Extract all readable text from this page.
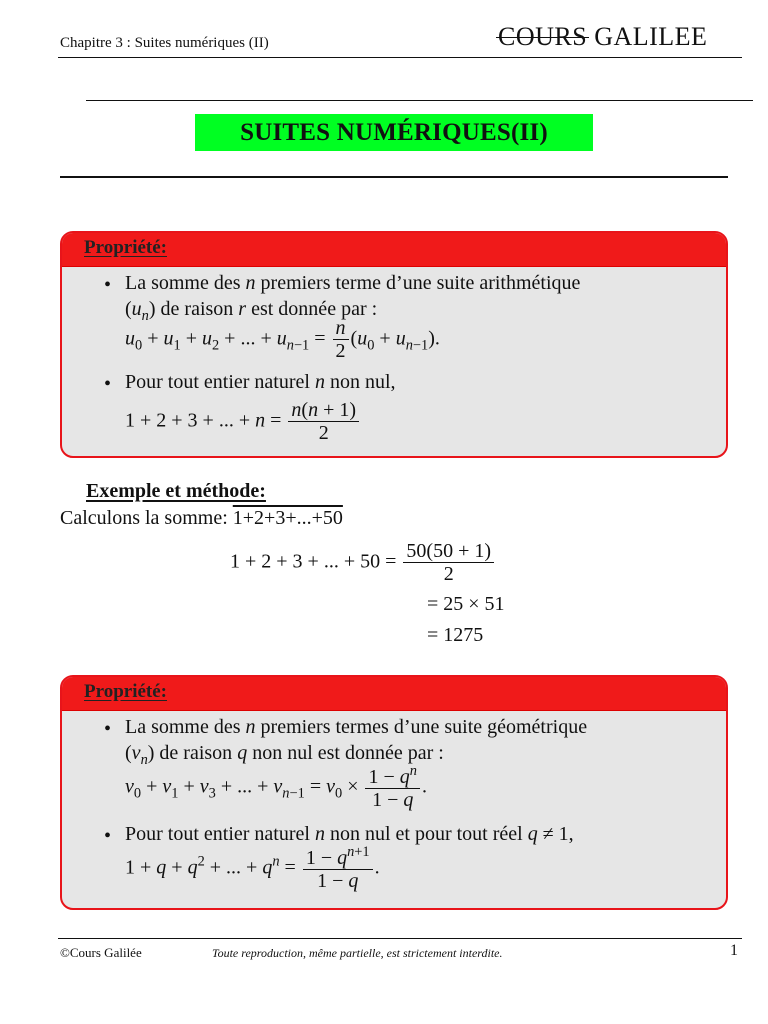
Chapitre 3 : Suites numériques (II)	COURS GALILEE
SUITES NUMÉRIQUES(II)
Propriété:
• La somme des n premiers terme d’une suite arithmétique
$(u_n)$ de raison r est donnée par :
$u_0 + u_1 + u_2$ + ... + $u_{n-1} = \frac{n}{2} (u_0 + u_{n-1})$.
• Pour tout entier naturel n non nul,
1 + 2 + 3 + ... + $n = \frac{n(n + 1)}{2}$
Exemple et méthode:
Calculons la somme: 1+2+3+...+50
1 + 2 + 3 + ... + $50 = \frac{50(50 + 1)}{2}$
= 25 × 51
= 1275
Propriété:
• La somme des n premiers termes d’une suite géométrique
$(v_n)$ de raison q non nul est donnée par :
$v_0 + v_1 + v_3$ + ... + $v_{n-1} = v_0 \times \frac{1 - q^n}{1 - q}$ .
• Pour tout entier naturel n non nul et pour tout réel q ≠ 1,
$1 + q + q^2$ + ... + $q^n = \frac{1 - q^{n+1}}{1 - q}$ .
©Cours Galilée	Toute reproduction, même partielle, est strictement interdite.	1
